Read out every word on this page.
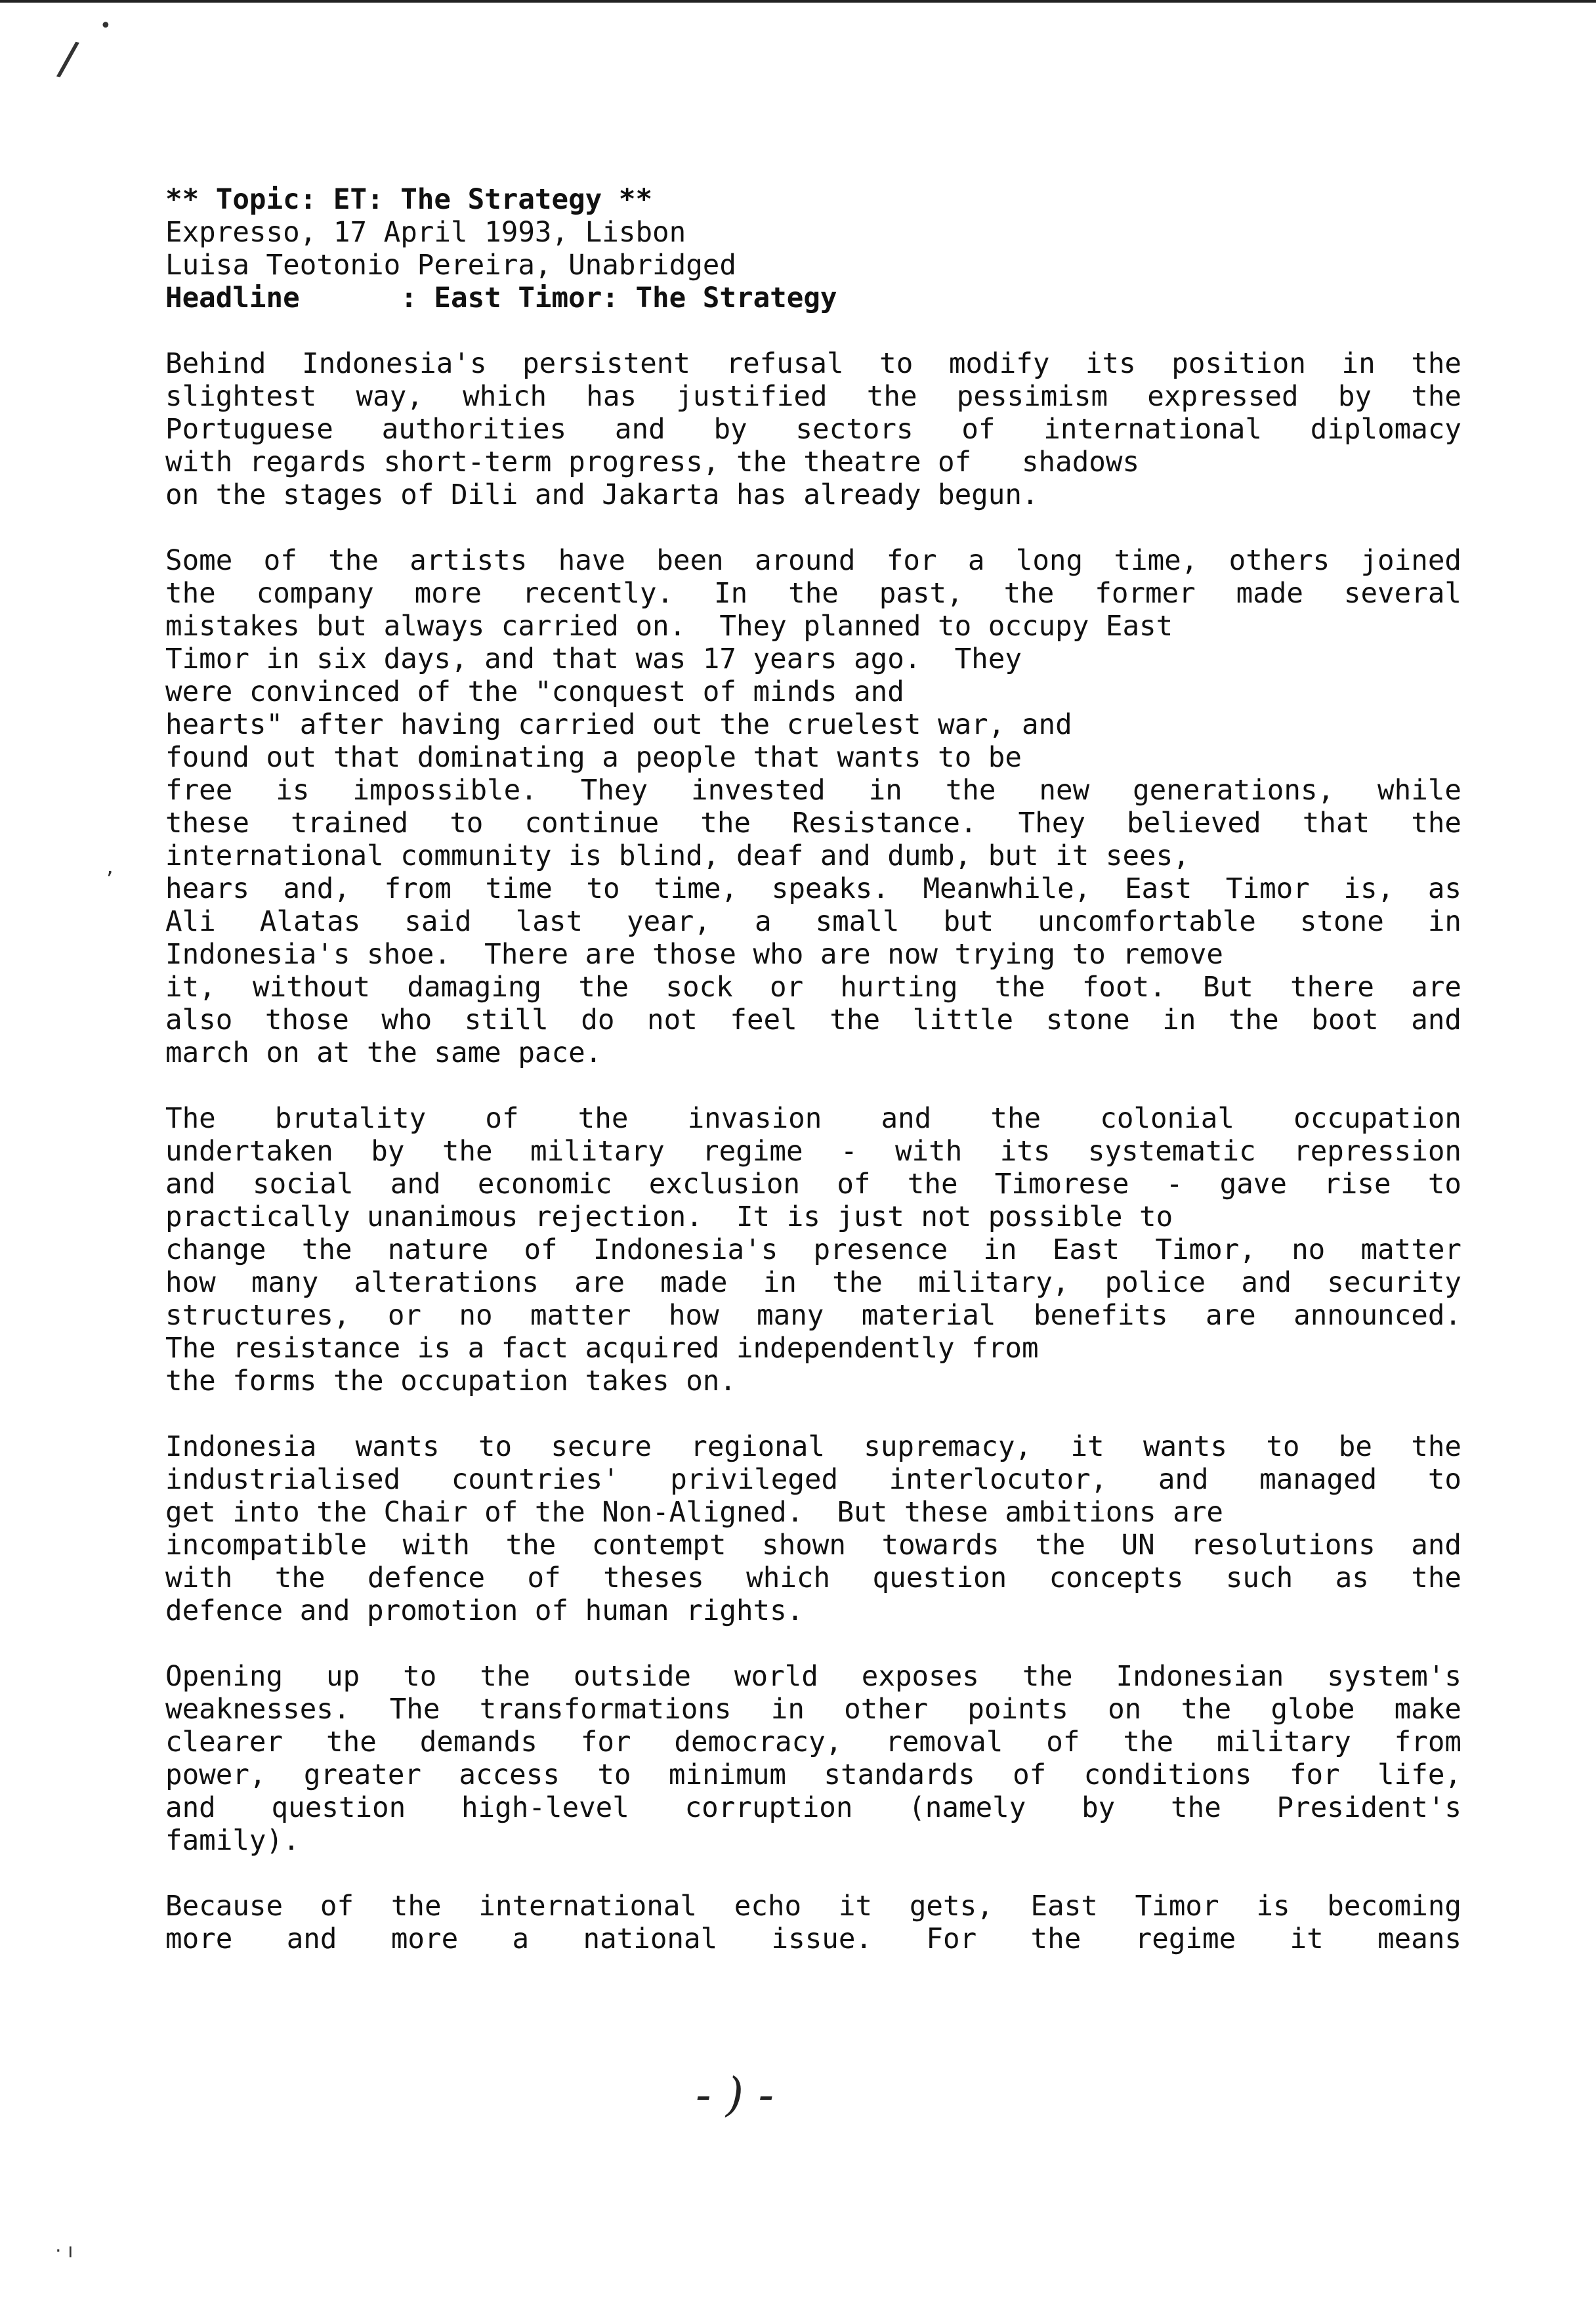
/
•
,
· ı
** Topic: ET: The Strategy **
Expresso, 17 April 1993, Lisbon
Luisa Teotonio Pereira, Unabridged
Headline	: East Timor: The Strategy
Behind Indonesia's persistent refusal to modify its position in the
slightest way, which has justified the pessimism expressed by the
Portuguese authorities and by sectors of international diplomacy
with regards short-term progress, the theatre of   shadows
on the stages of Dili and Jakarta has already begun.
Some of the artists have been around for a long time, others joined
the company more recently. In the past, the former made several
mistakes but always carried on.  They planned to occupy East
Timor in six days, and that was 17 years ago.  They
were convinced of the "conquest of minds and
hearts" after having carried out the cruelest war, and
found out that dominating a people that wants to be
free is impossible. They invested in the new generations, while
these trained to continue the Resistance. They believed that the
international community is blind, deaf and dumb, but it sees,
hears and, from time to time, speaks. Meanwhile, East Timor is, as
Ali Alatas said last year, a small but uncomfortable stone in
Indonesia's shoe.  There are those who are now trying to remove
it, without damaging the sock or hurting the foot. But there are
also those who still do not feel the little stone in the boot and
march on at the same pace.
The brutality of the invasion and the colonial occupation
undertaken by the military regime - with its systematic repression
and social and economic exclusion of the Timorese - gave rise to
practically unanimous rejection.  It is just not possible to
change the nature of Indonesia's presence in East Timor, no matter
how many alterations are made in the military, police and security
structures, or no matter how many material benefits are announced.
The resistance is a fact acquired independently from
the forms the occupation takes on.
Indonesia wants to secure regional supremacy, it wants to be the
industrialised countries' privileged interlocutor, and managed to
get into the Chair of the Non-Aligned.  But these ambitions are
incompatible with the contempt shown towards the UN resolutions and
with the defence of theses which question concepts such as the
defence and promotion of human rights.
Opening up to the outside world exposes the Indonesian system's
weaknesses. The transformations in other points on the globe make
clearer the demands for democracy, removal of the military from
power, greater access to minimum standards of conditions for life,
and question high-level corruption (namely by the President's
family).
Because of the international echo it gets, East Timor is becoming
more and more a national issue. For the regime it means
- ) -
